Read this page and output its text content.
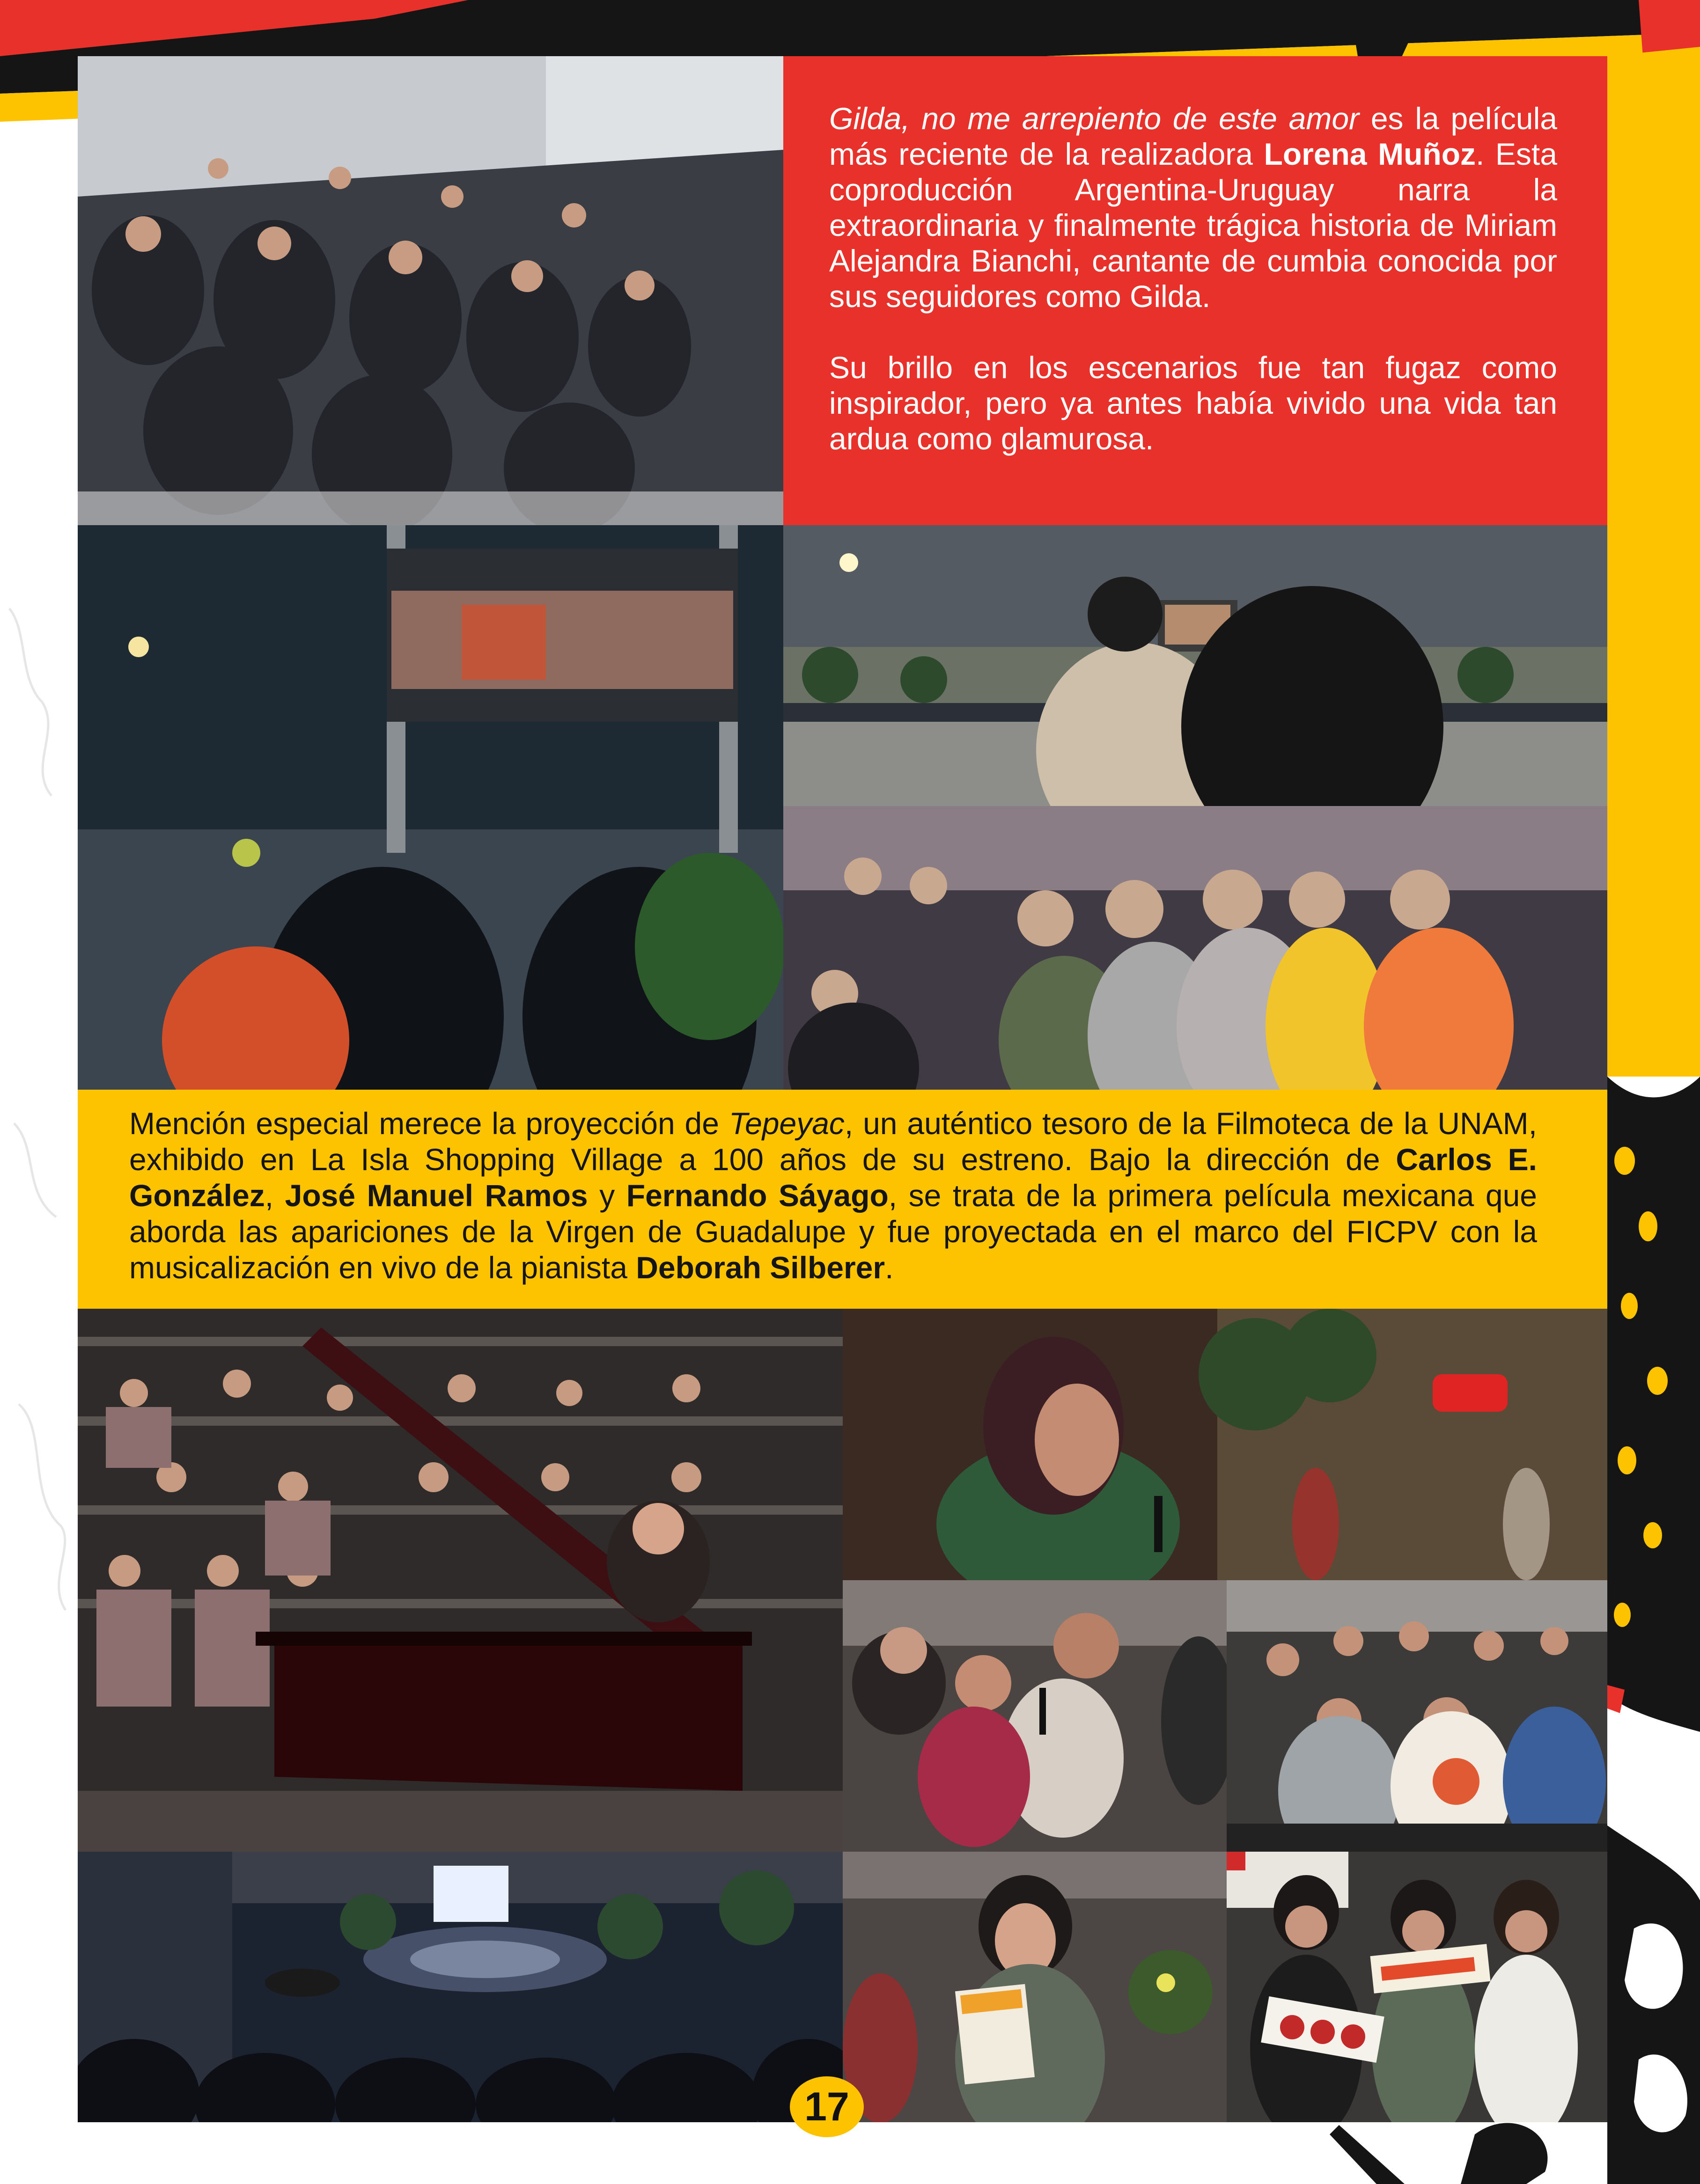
Gilda, no me arrepiento de este amor es la película más reciente de la realizadora Lorena Muñoz. Esta coproducción Argentina-Uruguay narra la extraordinaria y finalmente trágica historia de Miriam Alejandra Bianchi, cantante de cumbia conocida por sus seguidores como Gilda.

Su brillo en los escenarios fue tan fugaz como inspirador, pero ya antes había vivido una vida tan ardua como glamurosa.

Mención especial merece la proyección de Tepeyac, un auténtico tesoro de la Filmoteca de la UNAM, exhibido en La Isla Shopping Village a 100 años de su estreno. Bajo la dirección de Carlos E. González, José Manuel Ramos y Fernando Sáyago, se trata de la primera película mexicana que aborda las apariciones de la Virgen de Guadalupe y fue proyectada en el marco del FICPV con la musicalización en vivo de la pianista Deborah Silberer.

17
